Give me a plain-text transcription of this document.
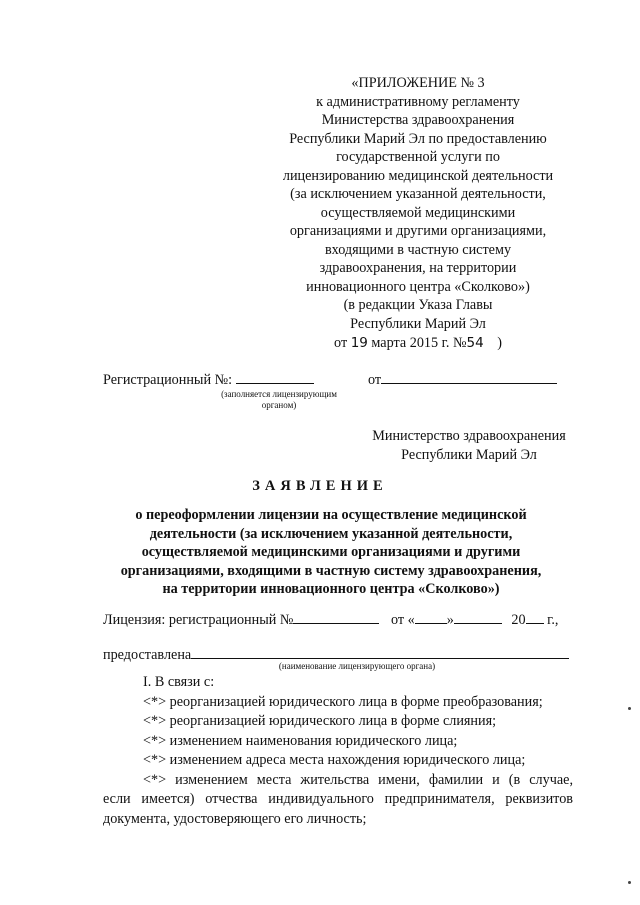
«ПРИЛОЖЕНИЕ № 3
к административному регламенту
Министерства здравоохранения
Республики Марий Эл по предоставлению
государственной услуги по
лицензированию медицинской деятельности
(за исключением указанной деятельности,
осуществляемой медицинскими
организациями и другими организациями,
входящими в частную систему
здравоохранения, на территории
инновационного центра «Сколково»)
(в редакции Указа Главы
Республики Марий Эл
от 19 марта 2015 г. №54 )
Регистрационный №:	от
(заполняется лицензирующим
органом)
Министерство здравоохранения
Республики Марий Эл
ЗАЯВЛЕНИЕ
о переоформлении лицензии на осуществление медицинской
деятельности (за исключением указанной деятельности,
осуществляемой медицинскими организациями и другими
организациями, входящими в частную систему здравоохранения,
на территории инновационного центра «Сколково»)
Лицензия: регистрационный №	от « »	20 г.,
предоставлена
(наименование лицензирующего органа)
I. В связи с:
<*> реорганизацией юридического лица в форме преобразования;
<*> реорганизацией юридического лица в форме слияния;
<*> изменением наименования юридического лица;
<*> изменением адреса места нахождения юридического лица;
<*> изменением места жительства имени, фамилии и (в случае,
если имеется) отчества индивидуального предпринимателя, реквизитов
документа, удостоверяющего его личность;
